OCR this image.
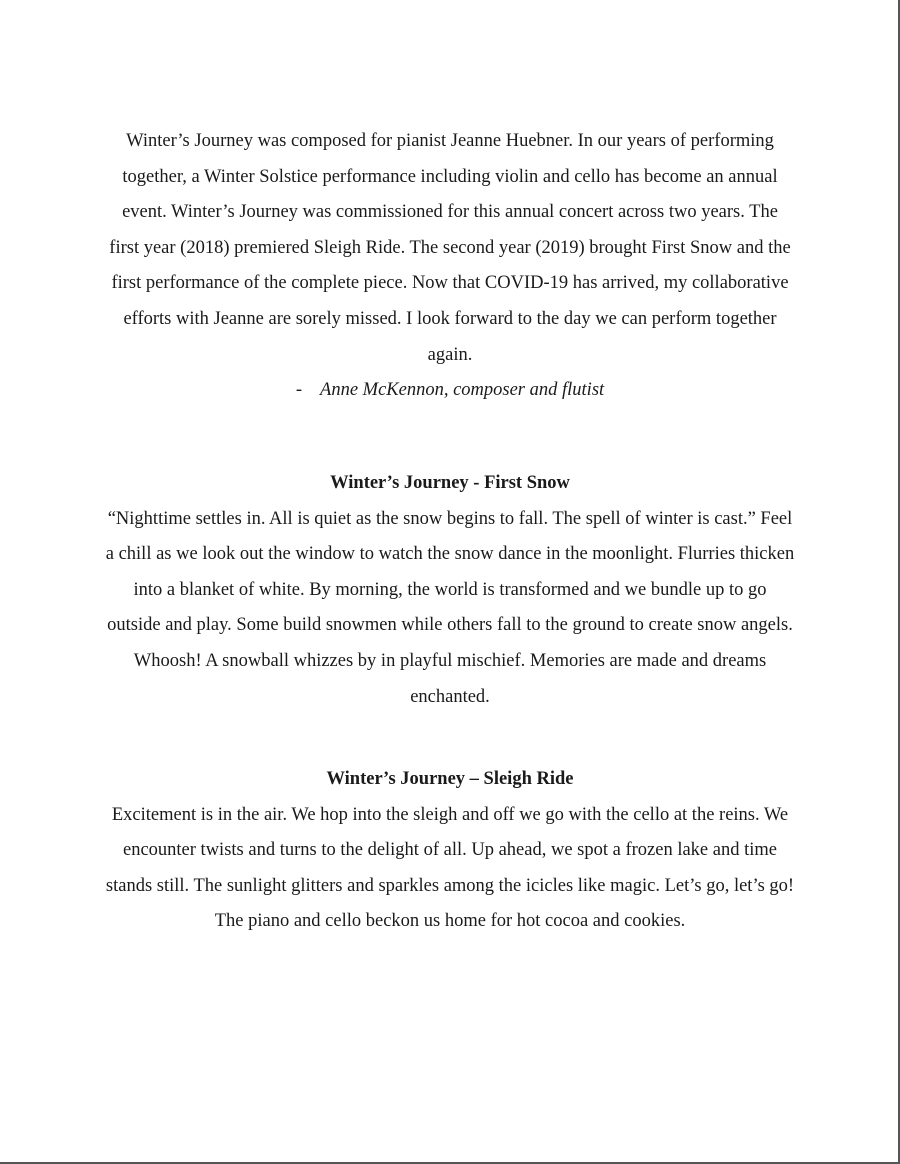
Winter’s Journey was composed for pianist Jeanne Huebner. In our years of performing together, a Winter Solstice performance including violin and cello has become an annual event. Winter’s Journey was commissioned for this annual concert across two years. The first year (2018) premiered Sleigh Ride. The second year (2019) brought First Snow and the first performance of the complete piece. Now that COVID-19 has arrived, my collaborative efforts with Jeanne are sorely missed. I look forward to the day we can perform together again.

- Anne McKennon, composer and flutist

Winter’s Journey - First Snow

“Nighttime settles in. All is quiet as the snow begins to fall. The spell of winter is cast.” Feel a chill as we look out the window to watch the snow dance in the moonlight. Flurries thicken into a blanket of white. By morning, the world is transformed and we bundle up to go outside and play. Some build snowmen while others fall to the ground to create snow angels. Whoosh! A snowball whizzes by in playful mischief. Memories are made and dreams enchanted.

Winter’s Journey – Sleigh Ride

Excitement is in the air. We hop into the sleigh and off we go with the cello at the reins. We encounter twists and turns to the delight of all. Up ahead, we spot a frozen lake and time stands still. The sunlight glitters and sparkles among the icicles like magic. Let’s go, let’s go! The piano and cello beckon us home for hot cocoa and cookies.
